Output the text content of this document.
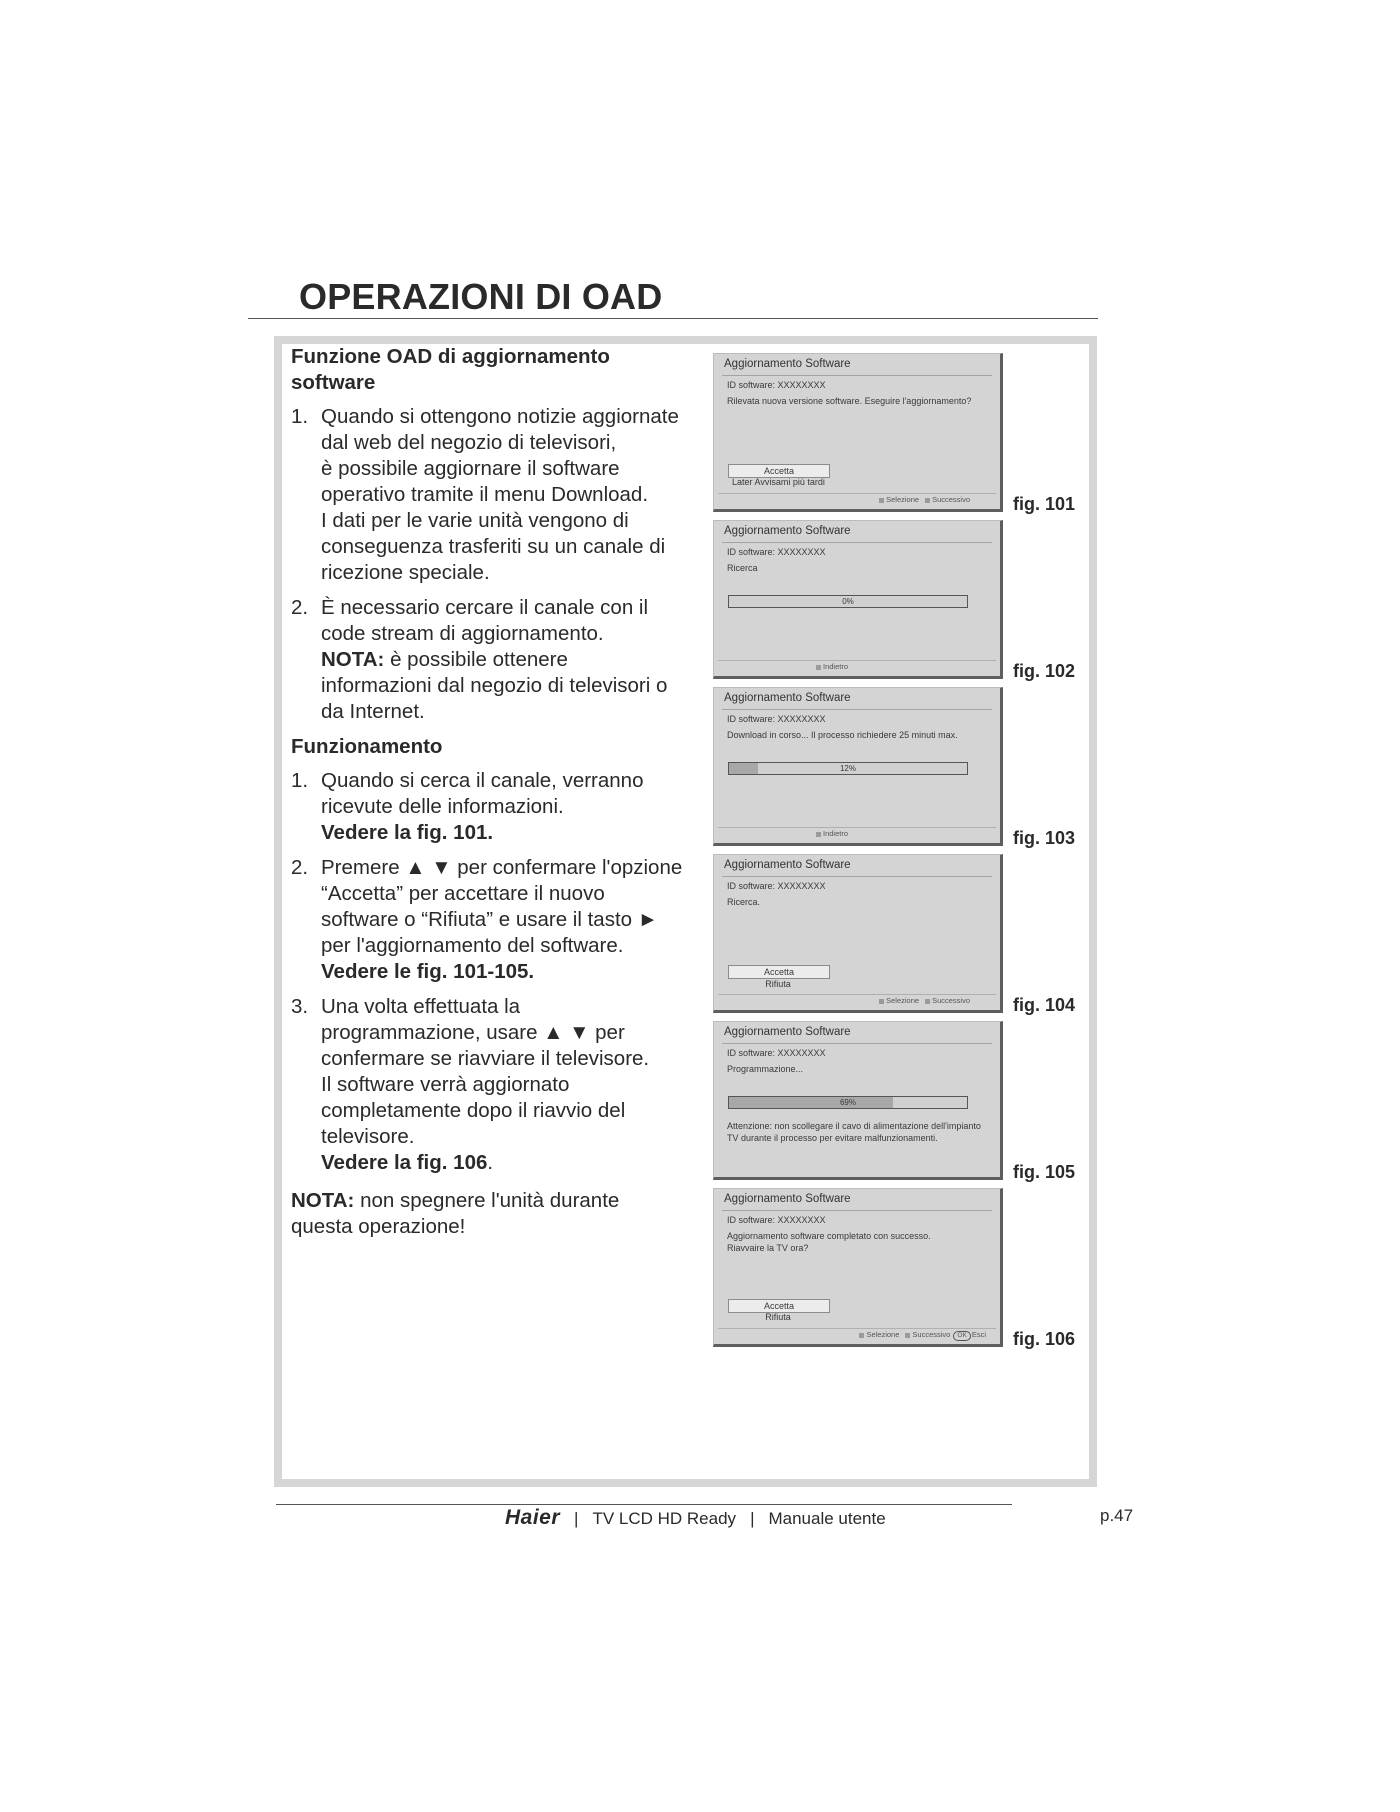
OPERAZIONI DI OAD
Funzione OAD di aggiornamento
software
1. Quando si ottengono notizie aggiornate
dal web del negozio di televisori,
è possibile aggiornare il software
operativo tramite il menu Download.
I dati per le varie unità vengono di
conseguenza trasferiti su un canale di
ricezione speciale.
2. È necessario cercare il canale con il
code stream di aggiornamento.
NOTA: è possibile ottenere
informazioni dal negozio di televisori o
da Internet.
Funzionamento
1. Quando si cerca il canale, verranno
ricevute delle informazioni.
Vedere la fig. 101.
2. Premere ▲ ▼ per confermare l'opzione
“Accetta” per accettare il nuovo
software o “Rifiuta” e usare il tasto ►
per l'aggiornamento del software.
Vedere le fig. 101-105.
3. Una volta effettuata la
programmazione, usare ▲ ▼ per
confermare se riavviare il televisore.
Il software verrà aggiornato
completamente dopo il riavvio del
televisore.
Vedere la fig. 106.
NOTA: non spegnere l'unità durante
questa operazione!
Aggiornamento Software
ID software: XXXXXXXX
Rilevata nuova versione software. Eseguire l'aggiornamento?
Accetta
Later Avvisami più tardi
Selezione Successivo fig. 101
Aggiornamento Software
ID software: XXXXXXXX
Ricerca
0%
Indietro	fig. 102
Aggiornamento Software
ID software: XXXXXXXX
Download in corso... Il processo richiedere 25 minuti max.
12%
Indietro	fig. 103
Aggiornamento Software
ID software: XXXXXXXX
Ricerca.
Accetta
Rifiuta
Selezione Successivo fig. 104
Aggiornamento Software
ID software: XXXXXXXX
Programmazione...
69%
Attenzione: non scollegare il cavo di alimentazione dell'impianto
TV durante il processo per evitare malfunzionamenti.
fig. 105
Aggiornamento Software
ID software: XXXXXXXX
Aggiornamento software completato con successo.
Riavvaire la TV ora?
Accetta
Rifiuta
Selezione Successivo OK Esci fig. 106
Haier | TV LCD HD Ready | Manuale utente	p.47
